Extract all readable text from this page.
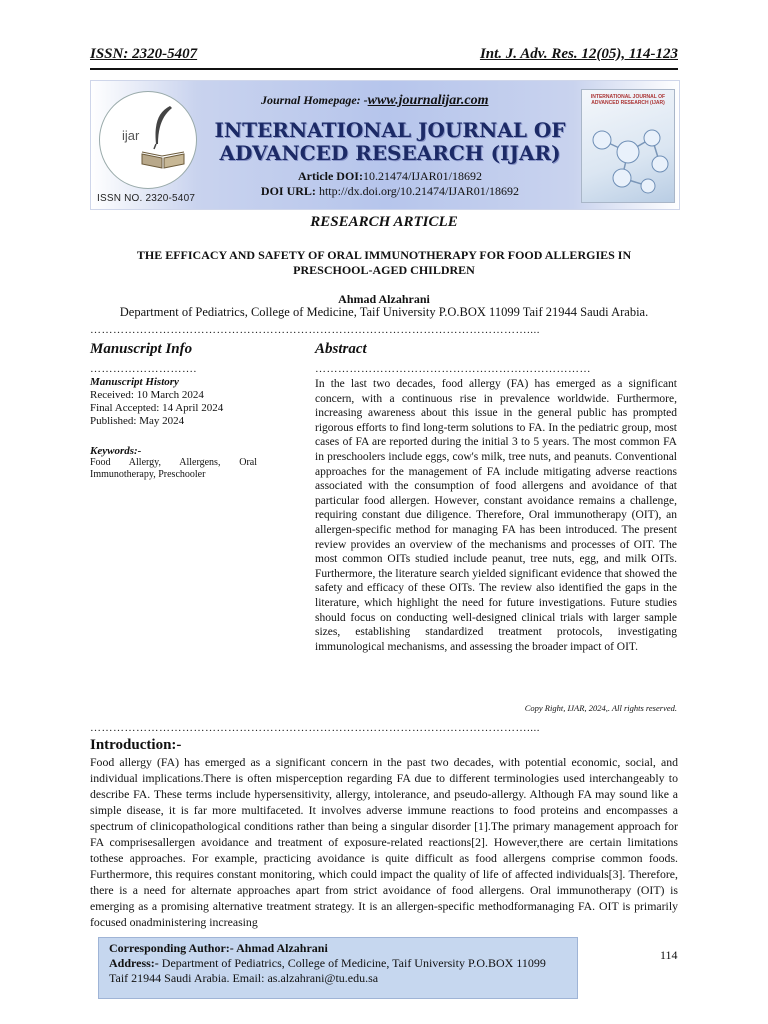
ISSN: 2320-5407	Int. J. Adv. Res. 12(05), 114-123
ijar
ISSN NO. 2320-5407
Journal Homepage: -www.journalijar.com
INTERNATIONAL JOURNAL OF
ADVANCED RESEARCH (IJAR)
Article DOI:10.21474/IJAR01/18692
DOI URL: http://dx.doi.org/10.21474/IJAR01/18692
INTERNATIONAL JOURNAL OF ADVANCED RESEARCH (IJAR)
RESEARCH ARTICLE
THE EFFICACY AND SAFETY OF ORAL IMMUNOTHERAPY FOR FOOD ALLERGIES IN
PRESCHOOL-AGED CHILDREN
Ahmad Alzahrani
Department of Pediatrics, College of Medicine, Taif University P.O.BOX 11099 Taif 21944 Saudi Arabia.
……………………………………………………………………………………………………....
Manuscript Info
……………………….
Manuscript History
Received: 10 March 2024
Final Accepted: 14 April 2024
Published: May 2024
Keywords:-
Food Allergy, Allergens, Oral Immunotherapy, Preschooler
Abstract
………………………………………………………………

In the last two decades, food allergy (FA) has emerged as a significant concern, with a continuous rise in prevalence worldwide. Furthermore, increasing awareness about this issue in the general public has prompted rigorous efforts to find long-term solutions to FA. In the pediatric group, most cases of FA are reported during the initial 3 to 5 years. The most common FA in preschoolers include eggs, cow's milk, tree nuts, and peanuts. Conventional approaches for the management of FA include mitigating adverse reactions associated with the consumption of food allergens and avoidance of that particular food allergen. However, constant avoidance remains a challenge, requiring constant due diligence. Therefore, Oral immunotherapy (OIT), an allergen-specific method for managing FA has been introduced. The present review provides an overview of the mechanisms and processes of OIT. The most common OITs studied include peanut, tree nuts, egg, and milk OITs. Furthermore, the literature search yielded significant evidence that showed the safety and efficacy of these OITs. The review also identified the gaps in the literature, which highlight the need for future investigations. Future studies should focus on conducting well-designed clinical trials with larger sample sizes, establishing standardized treatment protocols, investigating immunological mechanisms, and assessing the broader impact of OIT.

Copy Right, IJAR, 2024,. All rights reserved.
……………………………………………………………………………………………………....
Introduction:-

Food allergy (FA) has emerged as a significant concern in the past two decades, with potential economic, social, and individual implications.There is often misperception regarding FA due to different terminologies used interchangeably to describe FA. These terms include hypersensitivity, allergy, intolerance, and pseudo-allergy. Although FA may sound like a simple disease, it is far more multifaceted. It involves adverse immune reactions to food proteins and encompasses a spectrum of clinicopathological conditions rather than being a singular disorder [1].The primary management approach for FA comprisesallergen avoidance and treatment of exposure-related reactions[2]. However,there are certain limitations tothese approaches. For example, practicing avoidance is quite difficult as food allergens comprise common foods. Furthermore, this requires constant monitoring, which could impact the quality of life of affected individuals[3]. Therefore, there is a need for alternate approaches apart from strict avoidance of food allergens. Oral immunotherapy (OIT) is emerging as a promising alternative treatment strategy. It is an allergen-specific methodformanaging FA. OIT is primarily focused onadministering increasing

Corresponding Author:- Ahmad Alzahrani
Address:- Department of Pediatrics, College of Medicine, Taif University P.O.BOX 11099 Taif 21944 Saudi Arabia. Email: as.alzahrani@tu.edu.sa
114
